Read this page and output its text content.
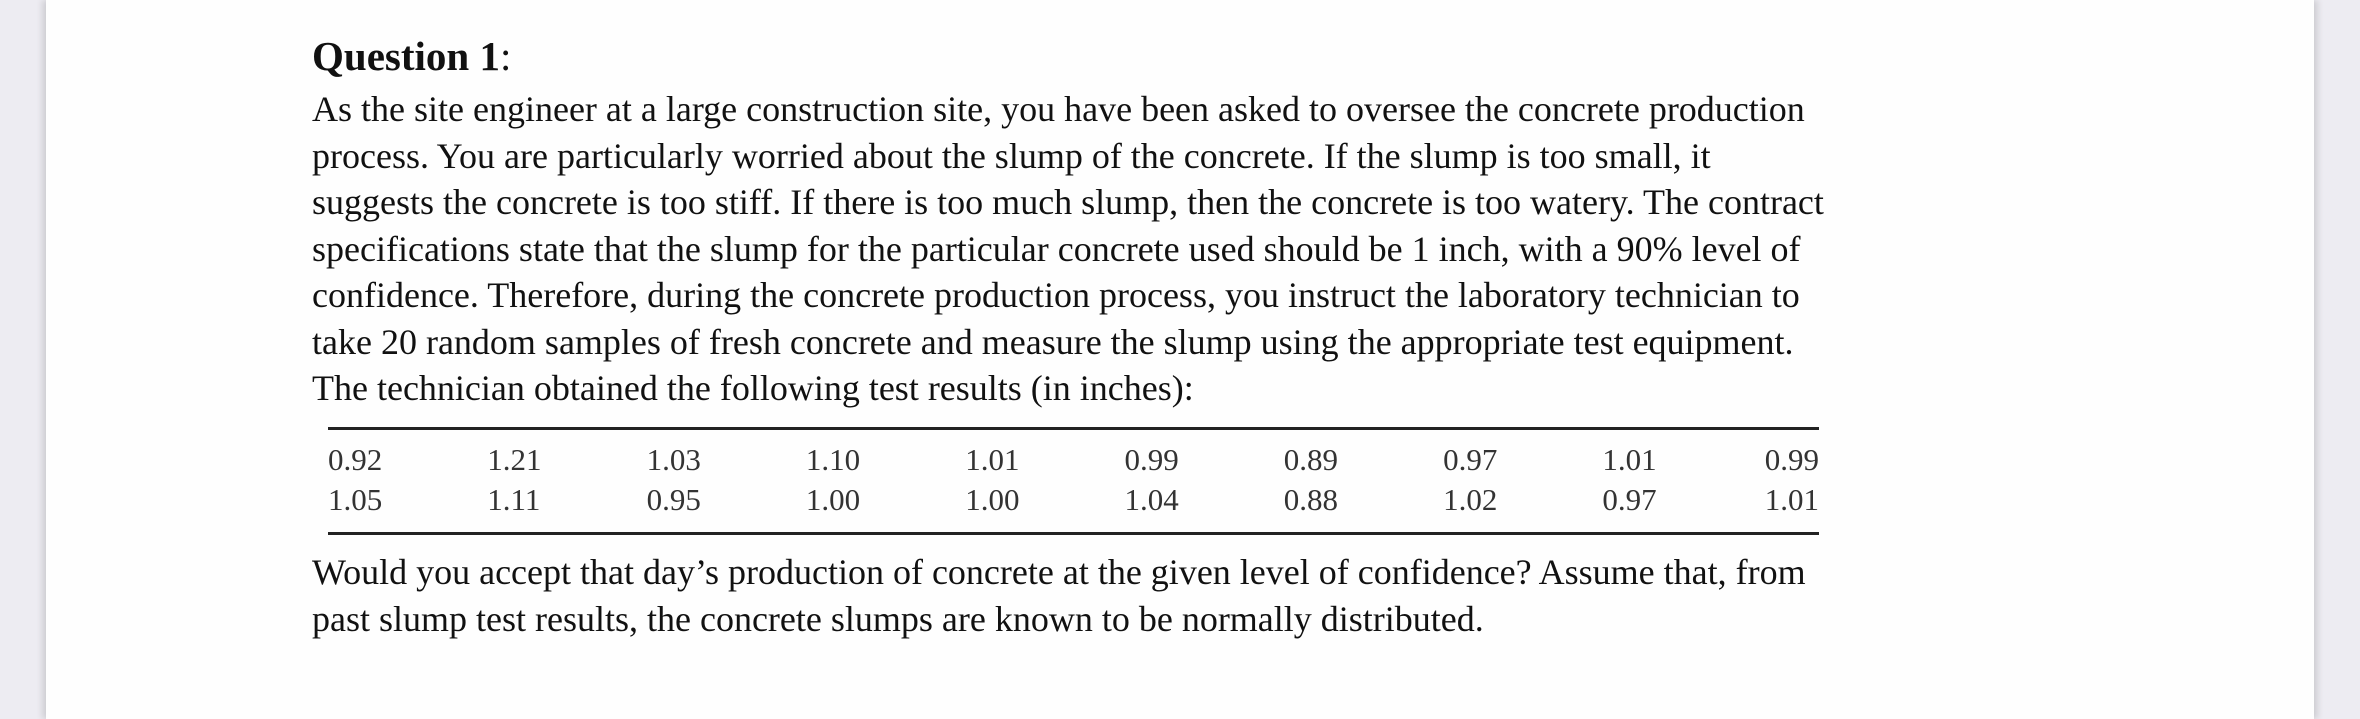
Question 1:
As the site engineer at a large construction site, you have been asked to oversee the concrete production
process. You are particularly worried about the slump of the concrete. If the slump is too small, it
suggests the concrete is too stiff. If there is too much slump, then the concrete is too watery. The contract
specifications state that the slump for the particular concrete used should be 1 inch, with a 90% level of
confidence. Therefore, during the concrete production process, you instruct the laboratory technician to
take 20 random samples of fresh concrete and measure the slump using the appropriate test equipment.
The technician obtained the following test results (in inches):
0.92	1.21	1.03	1.10	1.01	0.99	0.89	0.97	1.01	0.99
1.05	1.11	0.95	1.00	1.00	1.04	0.88	1.02	0.97	1.01
Would you accept that day’s production of concrete at the given level of confidence? Assume that, from
past slump test results, the concrete slumps are known to be normally distributed.
